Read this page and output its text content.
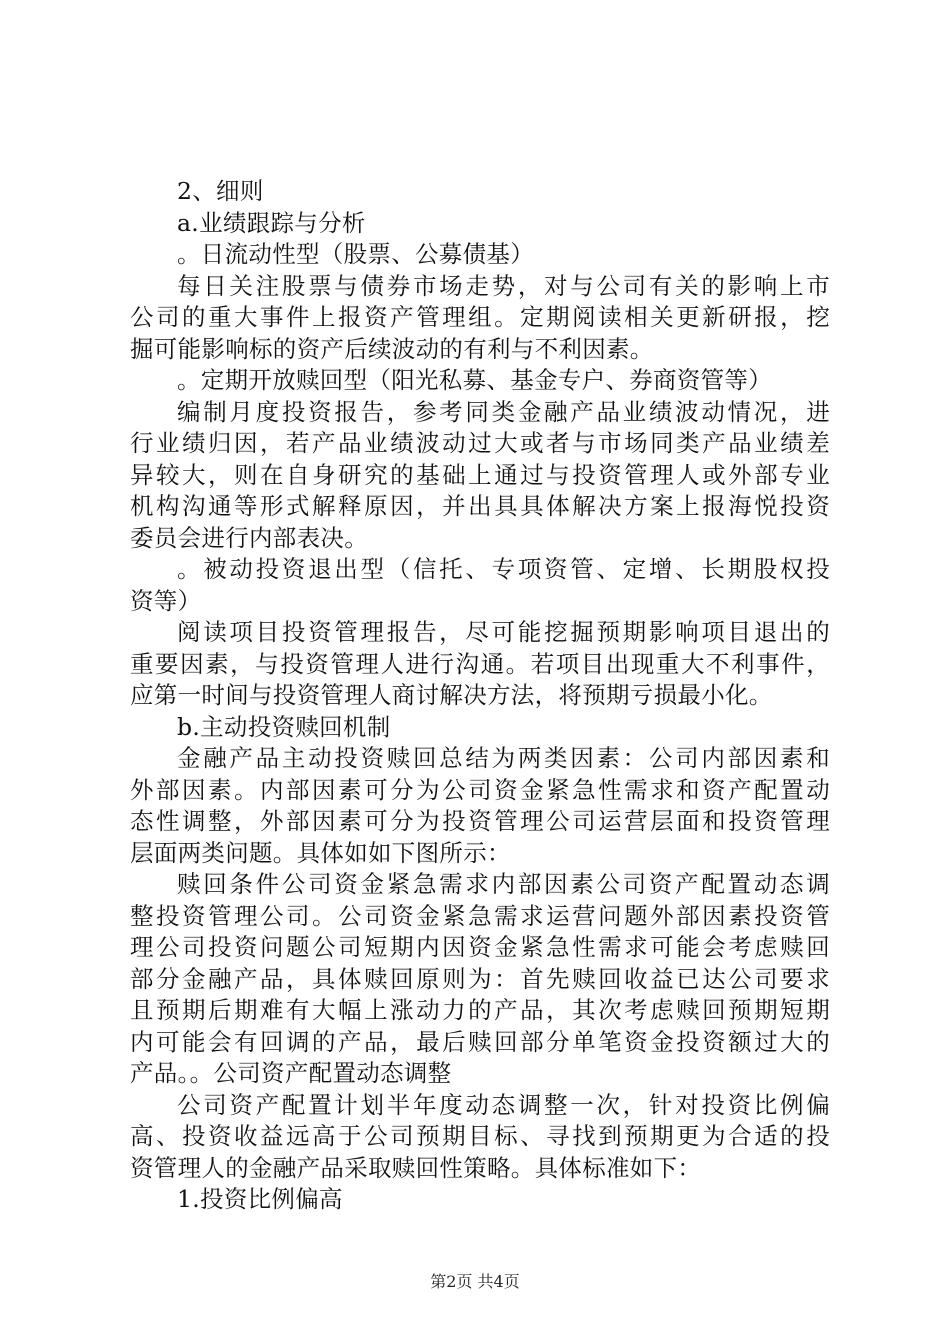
2、细则
a.业绩跟踪与分析
。日流动性型（股票、公募债基）
每日关注股票与债券市场走势，对与公司有关的影响上市
公司的重大事件上报资产管理组。定期阅读相关更新研报，挖
掘可能影响标的资产后续波动的有利与不利因素。
。定期开放赎回型（阳光私募、基金专户、券商资管等）
编制月度投资报告，参考同类金融产品业绩波动情况，进
行业绩归因，若产品业绩波动过大或者与市场同类产品业绩差
异较大，则在自身研究的基础上通过与投资管理人或外部专业
机构沟通等形式解释原因，并出具具体解决方案上报海悦投资
委员会进行内部表决。
。被动投资退出型（信托、专项资管、定增、长期股权投
资等）
阅读项目投资管理报告，尽可能挖掘预期影响项目退出的
重要因素，与投资管理人进行沟通。若项目出现重大不利事件，
应第一时间与投资管理人商讨解决方法，将预期亏损最小化。
b.主动投资赎回机制
金融产品主动投资赎回总结为两类因素：公司内部因素和
外部因素。内部因素可分为公司资金紧急性需求和资产配置动
态性调整，外部因素可分为投资管理公司运营层面和投资管理
层面两类问题。具体如如下图所示：
赎回条件公司资金紧急需求内部因素公司资产配置动态调
整投资管理公司。公司资金紧急需求运营问题外部因素投资管
理公司投资问题公司短期内因资金紧急性需求可能会考虑赎回
部分金融产品，具体赎回原则为：首先赎回收益已达公司要求
且预期后期难有大幅上涨动力的产品，其次考虑赎回预期短期
内可能会有回调的产品，最后赎回部分单笔资金投资额过大的
产品。。公司资产配置动态调整
公司资产配置计划半年度动态调整一次，针对投资比例偏
高、投资收益远高于公司预期目标、寻找到预期更为合适的投
资管理人的金融产品采取赎回性策略。具体标准如下：
1.投资比例偏高
第2页 共4页
